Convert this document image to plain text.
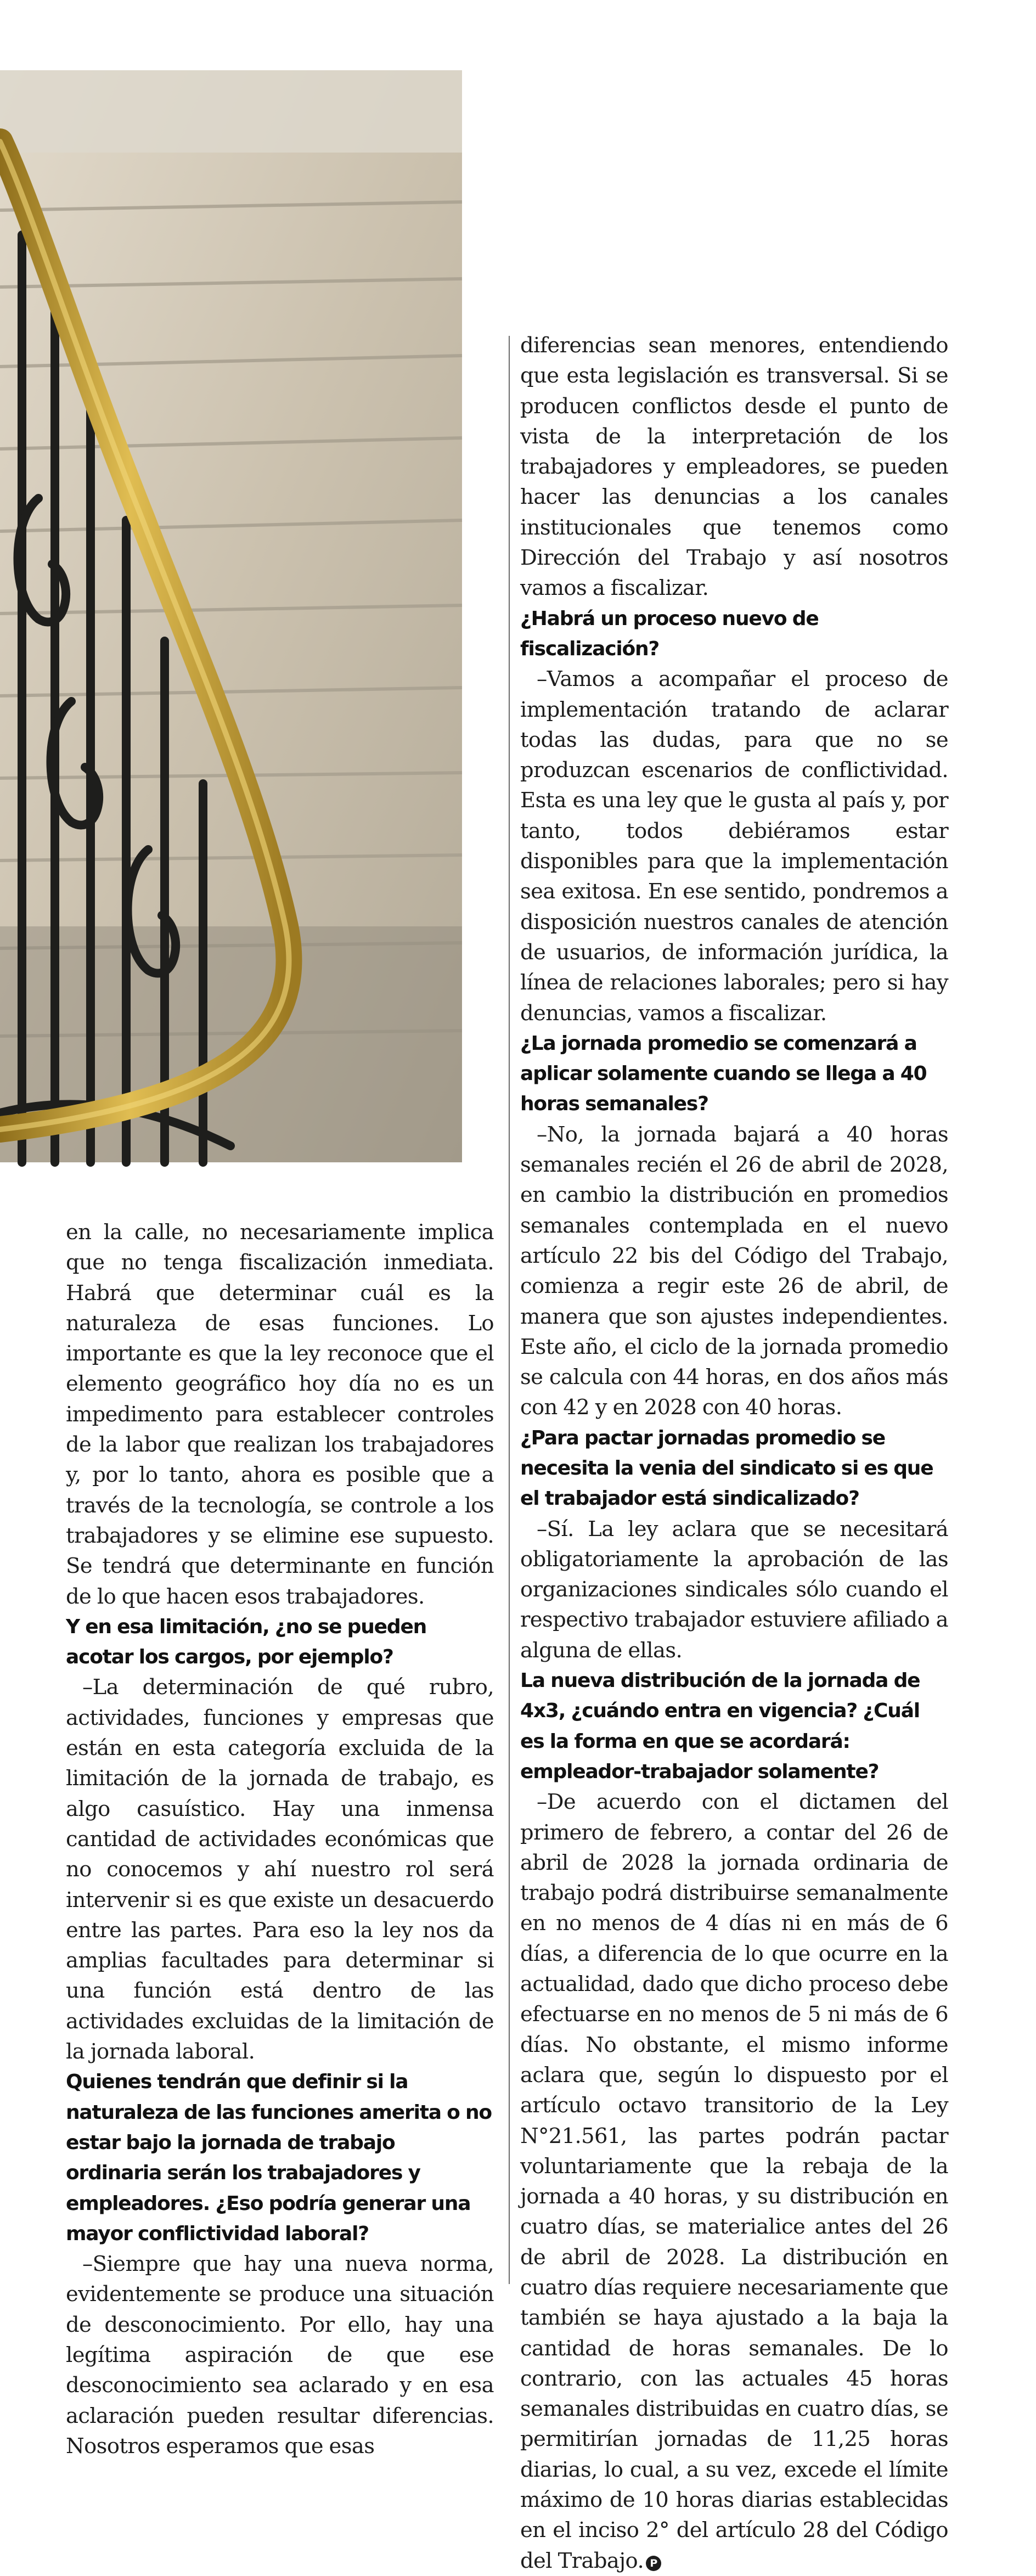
en la calle, no necesariamente implica que no tenga fiscalización inmediata. Habrá que determinar cuál es la naturaleza de esas funciones. Lo importante es que la ley reconoce que el elemento geográfico hoy día no es un impedimento para establecer controles de la labor que realizan los trabajadores y, por lo tanto, ahora es posible que a través de la tecnología, se controle a los trabajadores y se elimine ese supuesto. Se tendrá que determinante en función de lo que hacen esos trabajadores.

Y en esa limitación, ¿no se pueden acotar los cargos, por ejemplo?

–La determinación de qué rubro, actividades, funciones y empresas que están en esta categoría excluida de la limitación de la jornada de trabajo, es algo casuístico. Hay una inmensa cantidad de actividades económicas que no conocemos y ahí nuestro rol será intervenir si es que existe un desacuerdo entre las partes. Para eso la ley nos da amplias facultades para determinar si una función está dentro de las actividades excluidas de la limitación de la jornada laboral.

Quienes tendrán que definir si la naturaleza de las funciones amerita o no estar bajo la jornada de trabajo ordinaria serán los trabajadores y empleadores. ¿Eso podría generar una mayor conflictividad laboral?

–Siempre que hay una nueva norma, evidentemente se produce una situación de desconocimiento. Por ello, hay una legítima aspiración de que ese desconocimiento sea aclarado y en esa aclaración pueden resultar diferencias. Nosotros esperamos que esas

diferencias sean menores, entendiendo que esta legislación es transversal. Si se producen conflictos desde el punto de vista de la interpretación de los trabajadores y empleadores, se pueden hacer las denuncias a los canales institucionales que tenemos como Dirección del Trabajo y así nosotros vamos a fiscalizar.

¿Habrá un proceso nuevo de fiscalización?

–Vamos a acompañar el proceso de implementación tratando de aclarar todas las dudas, para que no se produzcan escenarios de conflictividad. Esta es una ley que le gusta al país y, por tanto, todos debiéramos estar disponibles para que la implementación sea exitosa. En ese sentido, pondremos a disposición nuestros canales de atención de usuarios, de información jurídica, la línea de relaciones laborales; pero si hay denuncias, vamos a fiscalizar.

¿La jornada promedio se comenzará a aplicar solamente cuando se llega a 40 horas semanales?

–No, la jornada bajará a 40 horas semanales recién el 26 de abril de 2028, en cambio la distribución en promedios semanales contemplada en el nuevo artículo 22 bis del Código del Trabajo, comienza a regir este 26 de abril, de manera que son ajustes independientes. Este año, el ciclo de la jornada promedio se calcula con 44 horas, en dos años más con 42 y en 2028 con 40 horas.

¿Para pactar jornadas promedio se necesita la venia del sindicato si es que el trabajador está sindicalizado?

–Sí. La ley aclara que se necesitará obligatoriamente la aprobación de las organizaciones sindicales sólo cuando el respectivo trabajador estuviere afiliado a alguna de ellas.

La nueva distribución de la jornada de 4x3, ¿cuándo entra en vigencia? ¿Cuál es la forma en que se acordará: empleador-trabajador solamente?

–De acuerdo con el dictamen del primero de febrero, a contar del 26 de abril de 2028 la jornada ordinaria de trabajo podrá distribuirse semanalmente en no menos de 4 días ni en más de 6 días, a diferencia de lo que ocurre en la actualidad, dado que dicho proceso debe efectuarse en no menos de 5 ni más de 6 días. No obstante, el mismo informe aclara que, según lo dispuesto por el artículo octavo transitorio de la Ley N°21.561, las partes podrán pactar voluntariamente que la rebaja de la jornada a 40 horas, y su distribución en cuatro días, se materialice antes del 26 de abril de 2028. La distribución en cuatro días requiere necesariamente que también se haya ajustado a la baja la cantidad de horas semanales. De lo contrario, con las actuales 45 horas semanales distribuidas en cuatro días, se permitirían jornadas de 11,25 horas diarias, lo cual, a su vez, excede el límite máximo de 10 horas diarias establecidas en el inciso 2° del artículo 28 del Código del Trabajo. P
